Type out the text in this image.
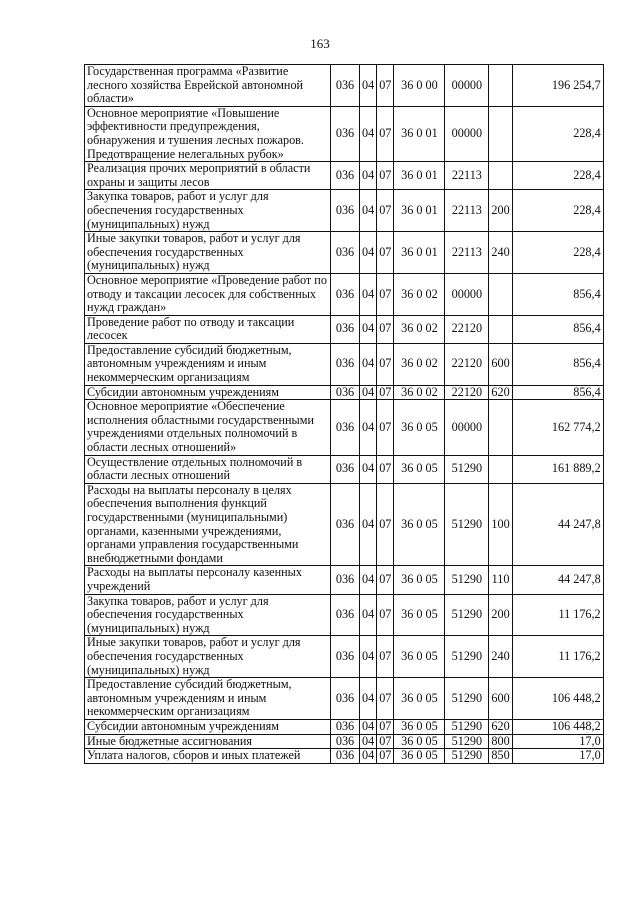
163
Государственная программа «Развитие лесного хозяйства Еврейской автономной области»	036	04	07	36 0 00	00000		196 254,7
Основное мероприятие «Повышение эффективности предупреждения, обнаружения и тушения лесных пожаров. Предотвращение нелегальных рубок»	036	04	07	36 0 01	00000		228,4
Реализация прочих мероприятий в области охраны и защиты лесов	036	04	07	36 0 01	22113		228,4
Закупка товаров, работ и услуг для обеспечения государственных (муниципальных) нужд	036	04	07	36 0 01	22113	200	228,4
Иные закупки товаров, работ и услуг для обеспечения государственных (муниципальных) нужд	036	04	07	36 0 01	22113	240	228,4
Основное мероприятие «Проведение работ по отводу и таксации лесосек для собственных нужд граждан»	036	04	07	36 0 02	00000		856,4
Проведение работ по отводу и таксации лесосек	036	04	07	36 0 02	22120		856,4
Предоставление субсидий бюджетным, автономным учреждениям и иным некоммерческим организациям	036	04	07	36 0 02	22120	600	856,4
Субсидии автономным учреждениям	036	04	07	36 0 02	22120	620	856,4
Основное мероприятие «Обеспечение исполнения областными государственными учреждениями отдельных полномочий в области лесных отношений»	036	04	07	36 0 05	00000		162 774,2
Осуществление отдельных полномочий в области лесных отношений	036	04	07	36 0 05	51290		161 889,2
Расходы на выплаты персоналу в целях обеспечения выполнения функций государственными (муниципальными) органами, казенными учреждениями, органами управления государственными внебюджетными фондами	036	04	07	36 0 05	51290	100	44 247,8
Расходы на выплаты персоналу казенных учреждений	036	04	07	36 0 05	51290	110	44 247,8
Закупка товаров, работ и услуг для обеспечения государственных (муниципальных) нужд	036	04	07	36 0 05	51290	200	11 176,2
Иные закупки товаров, работ и услуг для обеспечения государственных (муниципальных) нужд	036	04	07	36 0 05	51290	240	11 176,2
Предоставление субсидий бюджетным, автономным учреждениям и иным некоммерческим организациям	036	04	07	36 0 05	51290	600	106 448,2
Субсидии автономным учреждениям	036	04	07	36 0 05	51290	620	106 448,2
Иные бюджетные ассигнования	036	04	07	36 0 05	51290	800	17,0
Уплата налогов, сборов и иных платежей	036	04	07	36 0 05	51290	850	17,0
